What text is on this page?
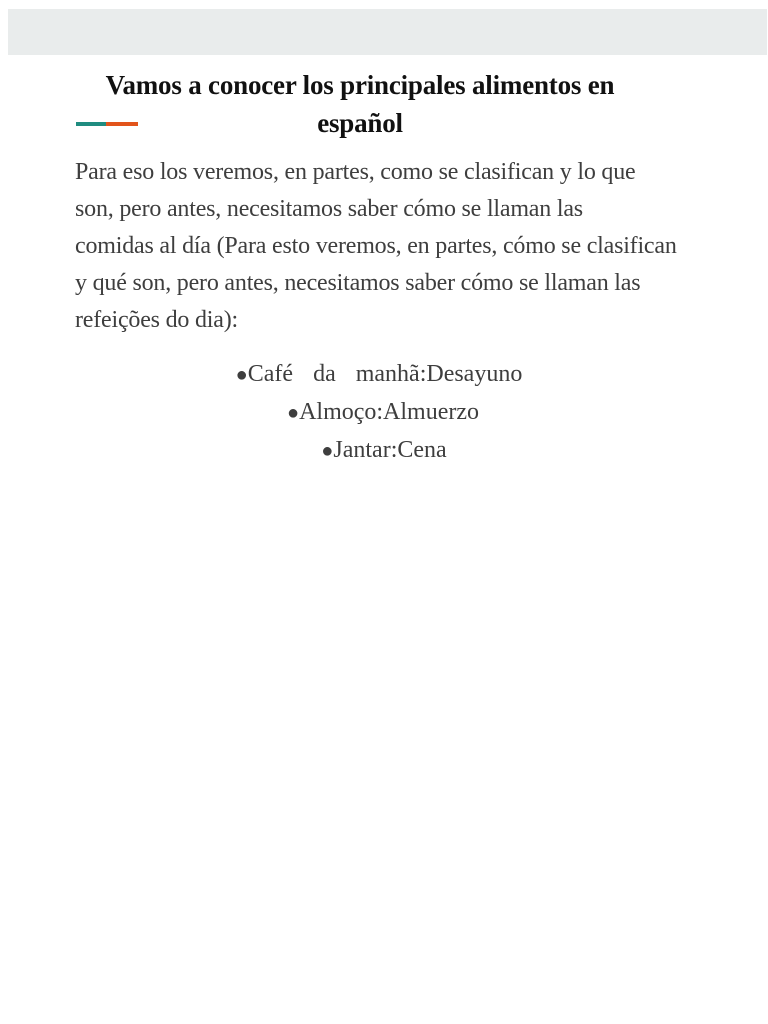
Vamos a conocer los principales alimentos en
español

Para eso los veremos, en partes, como se clasifican y lo que
son, pero antes, necesitamos saber cómo se llaman las
comidas al día (Para esto veremos, en partes, cómo se clasifican
y qué son, pero antes, necesitamos saber cómo se llaman las
refeições do dia):

●Café da manhã:Desayuno
●Almoço:Almuerzo
●Jantar:Cena
